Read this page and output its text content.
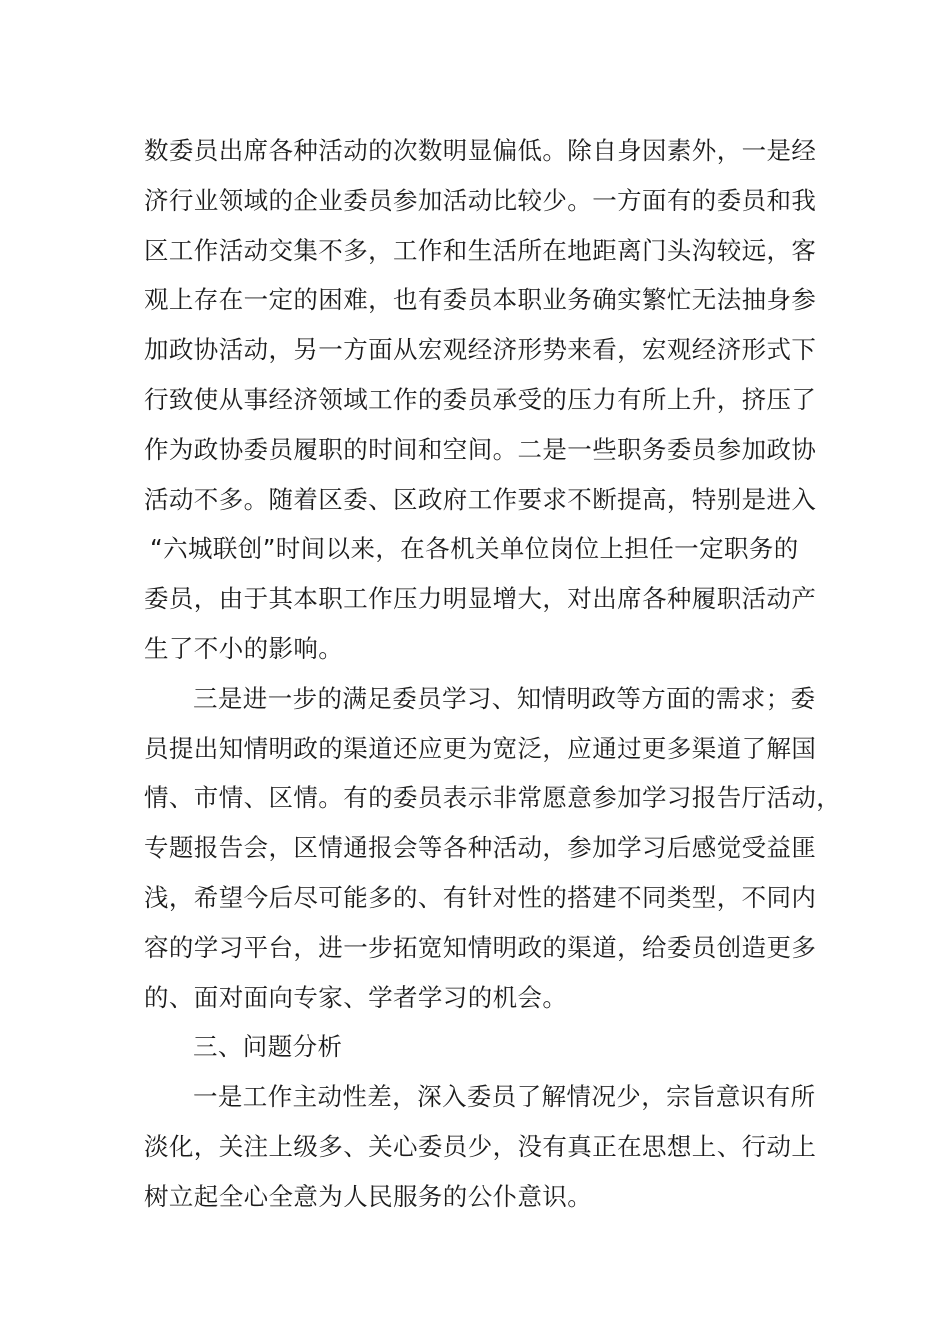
数委员出席各种活动的次数明显偏低。除自身因素外，一是经
济行业领域的企业委员参加活动比较少。一方面有的委员和我
区工作活动交集不多，工作和生活所在地距离门头沟较远，客
观上存在一定的困难，也有委员本职业务确实繁忙无法抽身参
加政协活动，另一方面从宏观经济形势来看，宏观经济形式下
行致使从事经济领域工作的委员承受的压力有所上升，挤压了
作为政协委员履职的时间和空间。二是一些职务委员参加政协
活动不多。随着区委、区政府工作要求不断提高，特别是进入
“六城联创”时间以来，在各机关单位岗位上担任一定职务的
委员，由于其本职工作压力明显增大，对出席各种履职活动产
生了不小的影响。
三是进一步的满足委员学习、知情明政等方面的需求；委
员提出知情明政的渠道还应更为宽泛，应通过更多渠道了解国
情、市情、区情。有的委员表示非常愿意参加学习报告厅活动，
专题报告会，区情通报会等各种活动，参加学习后感觉受益匪
浅，希望今后尽可能多的、有针对性的搭建不同类型，不同内
容的学习平台，进一步拓宽知情明政的渠道，给委员创造更多
的、面对面向专家、学者学习的机会。
三、问题分析
一是工作主动性差，深入委员了解情况少，宗旨意识有所
淡化，关注上级多、关心委员少，没有真正在思想上、行动上
树立起全心全意为人民服务的公仆意识。
